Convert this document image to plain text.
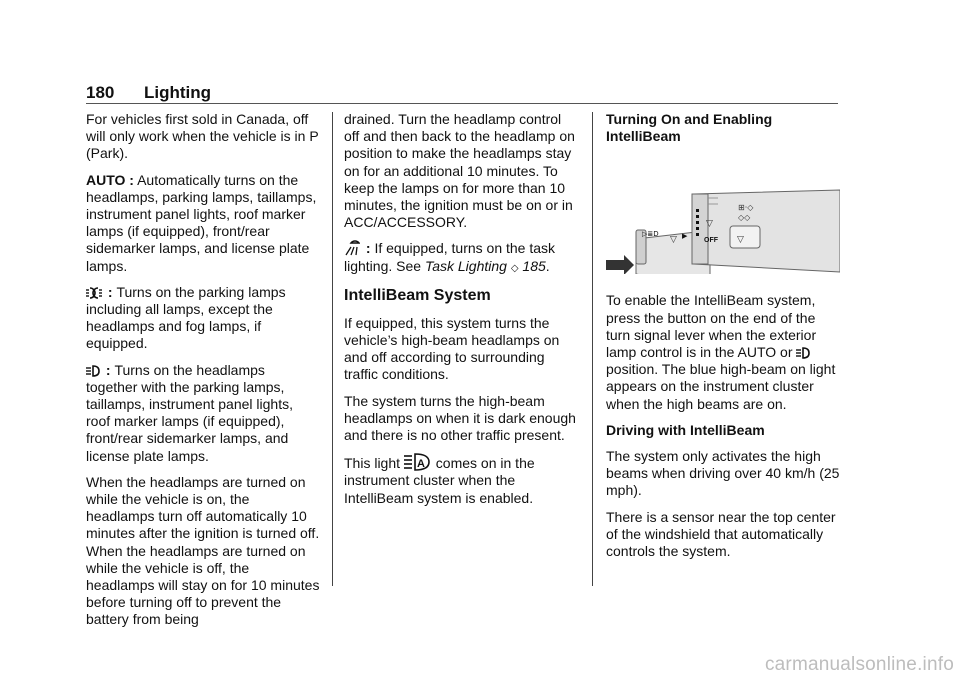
180 Lighting

For vehicles first sold in Canada, off will only work when the vehicle is in P (Park).

AUTO : Automatically turns on the headlamps, parking lamps, taillamps, instrument panel lights, roof marker lamps (if equipped), front/rear sidemarker lamps, and license plate lamps.

: Turns on the parking lamps including all lamps, except the headlamps and fog lamps, if equipped.

: Turns on the headlamps together with the parking lamps, taillamps, instrument panel lights, roof marker lamps (if equipped), front/rear sidemarker lamps, and license plate lamps.

When the headlamps are turned on while the vehicle is on, the headlamps turn off automatically 10 minutes after the ignition is turned off. When the headlamps are turned on while the vehicle is off, the headlamps will stay on for 10 minutes before turning off to prevent the battery from being

drained. Turn the headlamp control off and then back to the headlamp on position to make the headlamps stay on for an additional 10 minutes. To keep the lamps on for more than 10 minutes, the ignition must be on or in ACC/ACCESSORY.

: If equipped, turns on the task lighting. See Task Lighting ◇ 185.

IntelliBeam System

If equipped, this system turns the vehicle’s high-beam headlamps on and off according to surrounding traffic conditions.

The system turns the high-beam headlamps on when it is dark enough and there is no other traffic present.

This light A comes on in the instrument cluster when the IntelliBeam system is enabled.

Turning On and Enabling IntelliBeam
▶
▷≣D
▽
▽
OFF
⊞·◇
◇◇
▽

To enable the IntelliBeam system, press the button on the end of the turn signal lever when the exterior lamp control is in the AUTO or
position. The blue high-beam on light appears on the instrument cluster when the high beams are on.

Driving with IntelliBeam

The system only activates the high beams when driving over 40 km/h (25 mph).

There is a sensor near the top center of the windshield that automatically controls the system.

carmanualsonline.info
